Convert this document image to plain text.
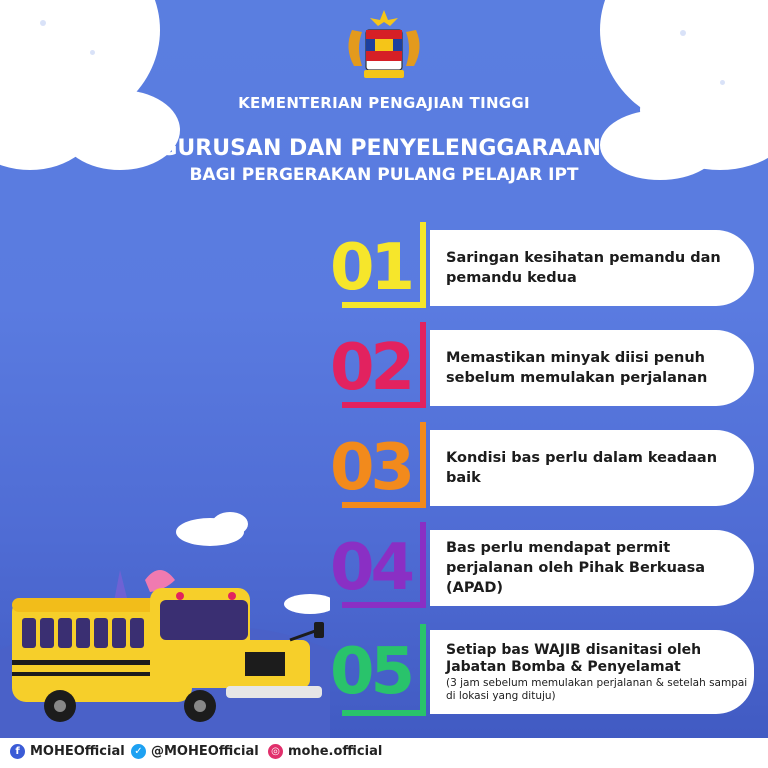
KEMENTERIAN PENGAJIAN TINGGI
PENGURUSAN DAN PENYELENGGARAAN BAS
BAGI PERGERAKAN PULANG PELAJAR IPT
01	Saringan kesihatan pemandu dan pemandu kedua
02	Memastikan minyak diisi penuh sebelum memulakan perjalanan
03	Kondisi bas perlu dalam keadaan baik
04	Bas perlu mendapat permit perjalanan oleh Pihak Berkuasa (APAD)
05	Setiap bas WAJIB disanitasi oleh Jabatan Bomba & Penyelamat
(3 jam sebelum memulakan perjalanan & setelah sampai di lokasi yang dituju)
f MOHEOfficial ✓ @MOHEOfficial	◎ mohe.official
